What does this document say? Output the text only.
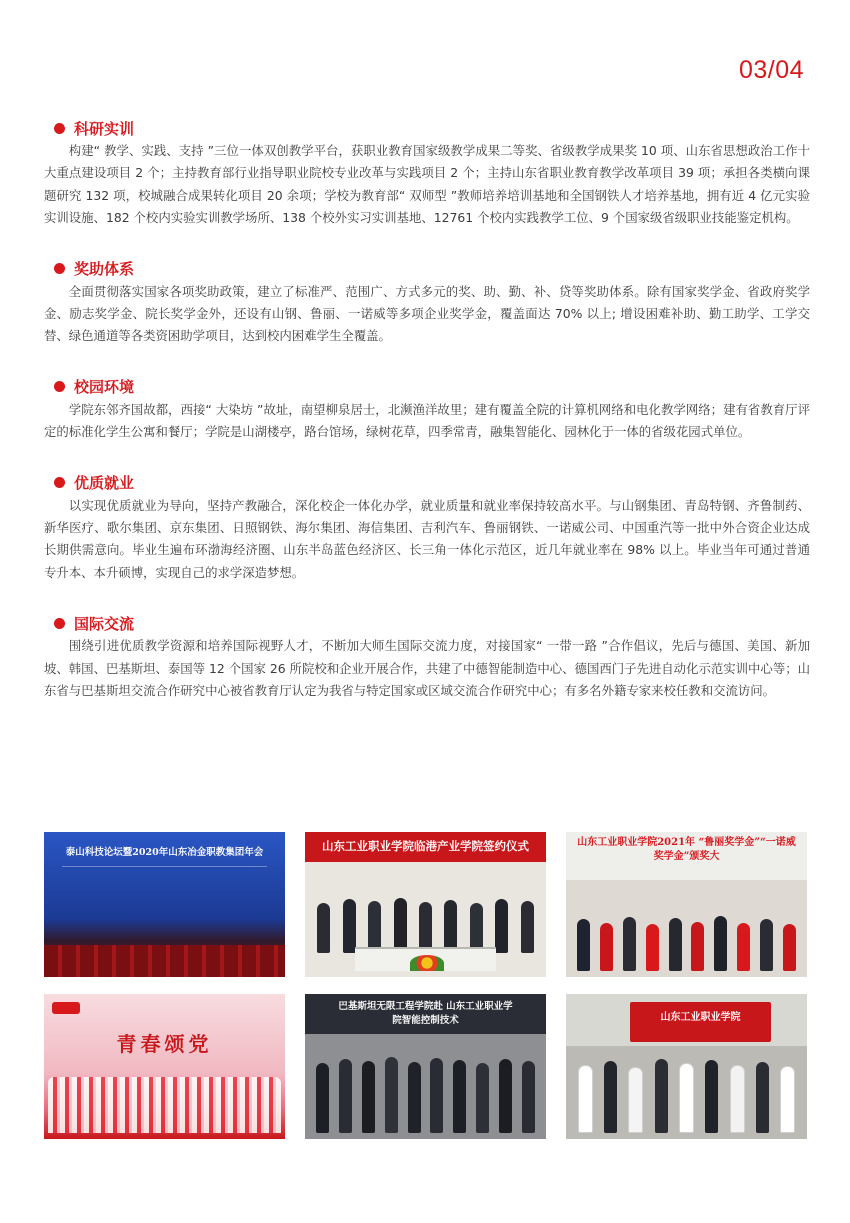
03/04
科研实训

构建“ 教学、实践、支持 ”三位一体双创教学平台，获职业教育国家级教学成果二等奖、省级教学成果奖 10 项、山东省思想政治工作十大重点建设项目 2 个；主持教育部行业指导职业院校专业改革与实践项目 2 个；主持山东省职业教育教学改革项目 39 项；承担各类横向课题研究 132 项，校城融合成果转化项目 20 余项；学校为教育部“ 双师型 ”教师培养培训基地和全国钢铁人才培养基地，拥有近 4 亿元实验实训设施、182 个校内实验实训教学场所、138 个校外实习实训基地、12761 个校内实践教学工位、9 个国家级省级职业技能鉴定机构。

奖助体系

全面贯彻落实国家各项奖助政策，建立了标准严、范围广、方式多元的奖、助、勤、补、贷等奖助体系。除有国家奖学金、省政府奖学金、励志奖学金、院长奖学金外，还设有山钢、鲁丽、一诺威等多项企业奖学金，覆盖面达 70% 以上; 增设困难补助、勤工助学、工学交替、绿色通道等各类资困助学项目，达到校内困难学生全覆盖。

校园环境

学院东邻齐国故都，西接“ 大染坊 ”故址，南望柳泉居士，北濒渔洋故里；建有覆盖全院的计算机网络和电化教学网络；建有省教育厅评定的标准化学生公寓和餐厅；学院是山湖楼亭，路台馆场，绿树花草，四季常青，融集智能化、园林化于一体的省级花园式单位。

优质就业

以实现优质就业为导向，坚持产教融合，深化校企一体化办学，就业质量和就业率保持较高水平。与山钢集团、青岛特钢、齐鲁制药、新华医疗、歌尔集团、京东集团、日照钢铁、海尔集团、海信集团、吉利汽车、鲁丽钢铁、一诺威公司、中国重汽等一批中外合资企业达成长期供需意向。毕业生遍布环渤海经济圈、山东半岛蓝色经济区、长三角一体化示范区，近几年就业率在 98% 以上。毕业当年可通过普通专升本、本升硕博，实现自己的求学深造梦想。

国际交流

围绕引进优质教学资源和培养国际视野人才，不断加大师生国际交流力度，对接国家“ 一带一路 ”合作倡议，先后与德国、美国、新加坡、韩国、巴基斯坦、泰国等 12 个国家 26 所院校和企业开展合作，共建了中德智能制造中心、德国西门子先进自动化示范实训中心等；山东省与巴基斯坦交流合作研究中心被省教育厅认定为我省与特定国家或区域交流合作研究中心；有多名外籍专家来校任教和交流访问。

泰山科技论坛暨2020年山东冶金职教集团年会	山东工业职业学院临港产业学院签约仪式	山东工业职业学院2021年 “鲁丽奖学金”“一诺威奖学金”颁奖大
青春颂党
巴基斯坦无限工程学院赴 山东工业职业学院智能控制技术	山东工业职业学院
